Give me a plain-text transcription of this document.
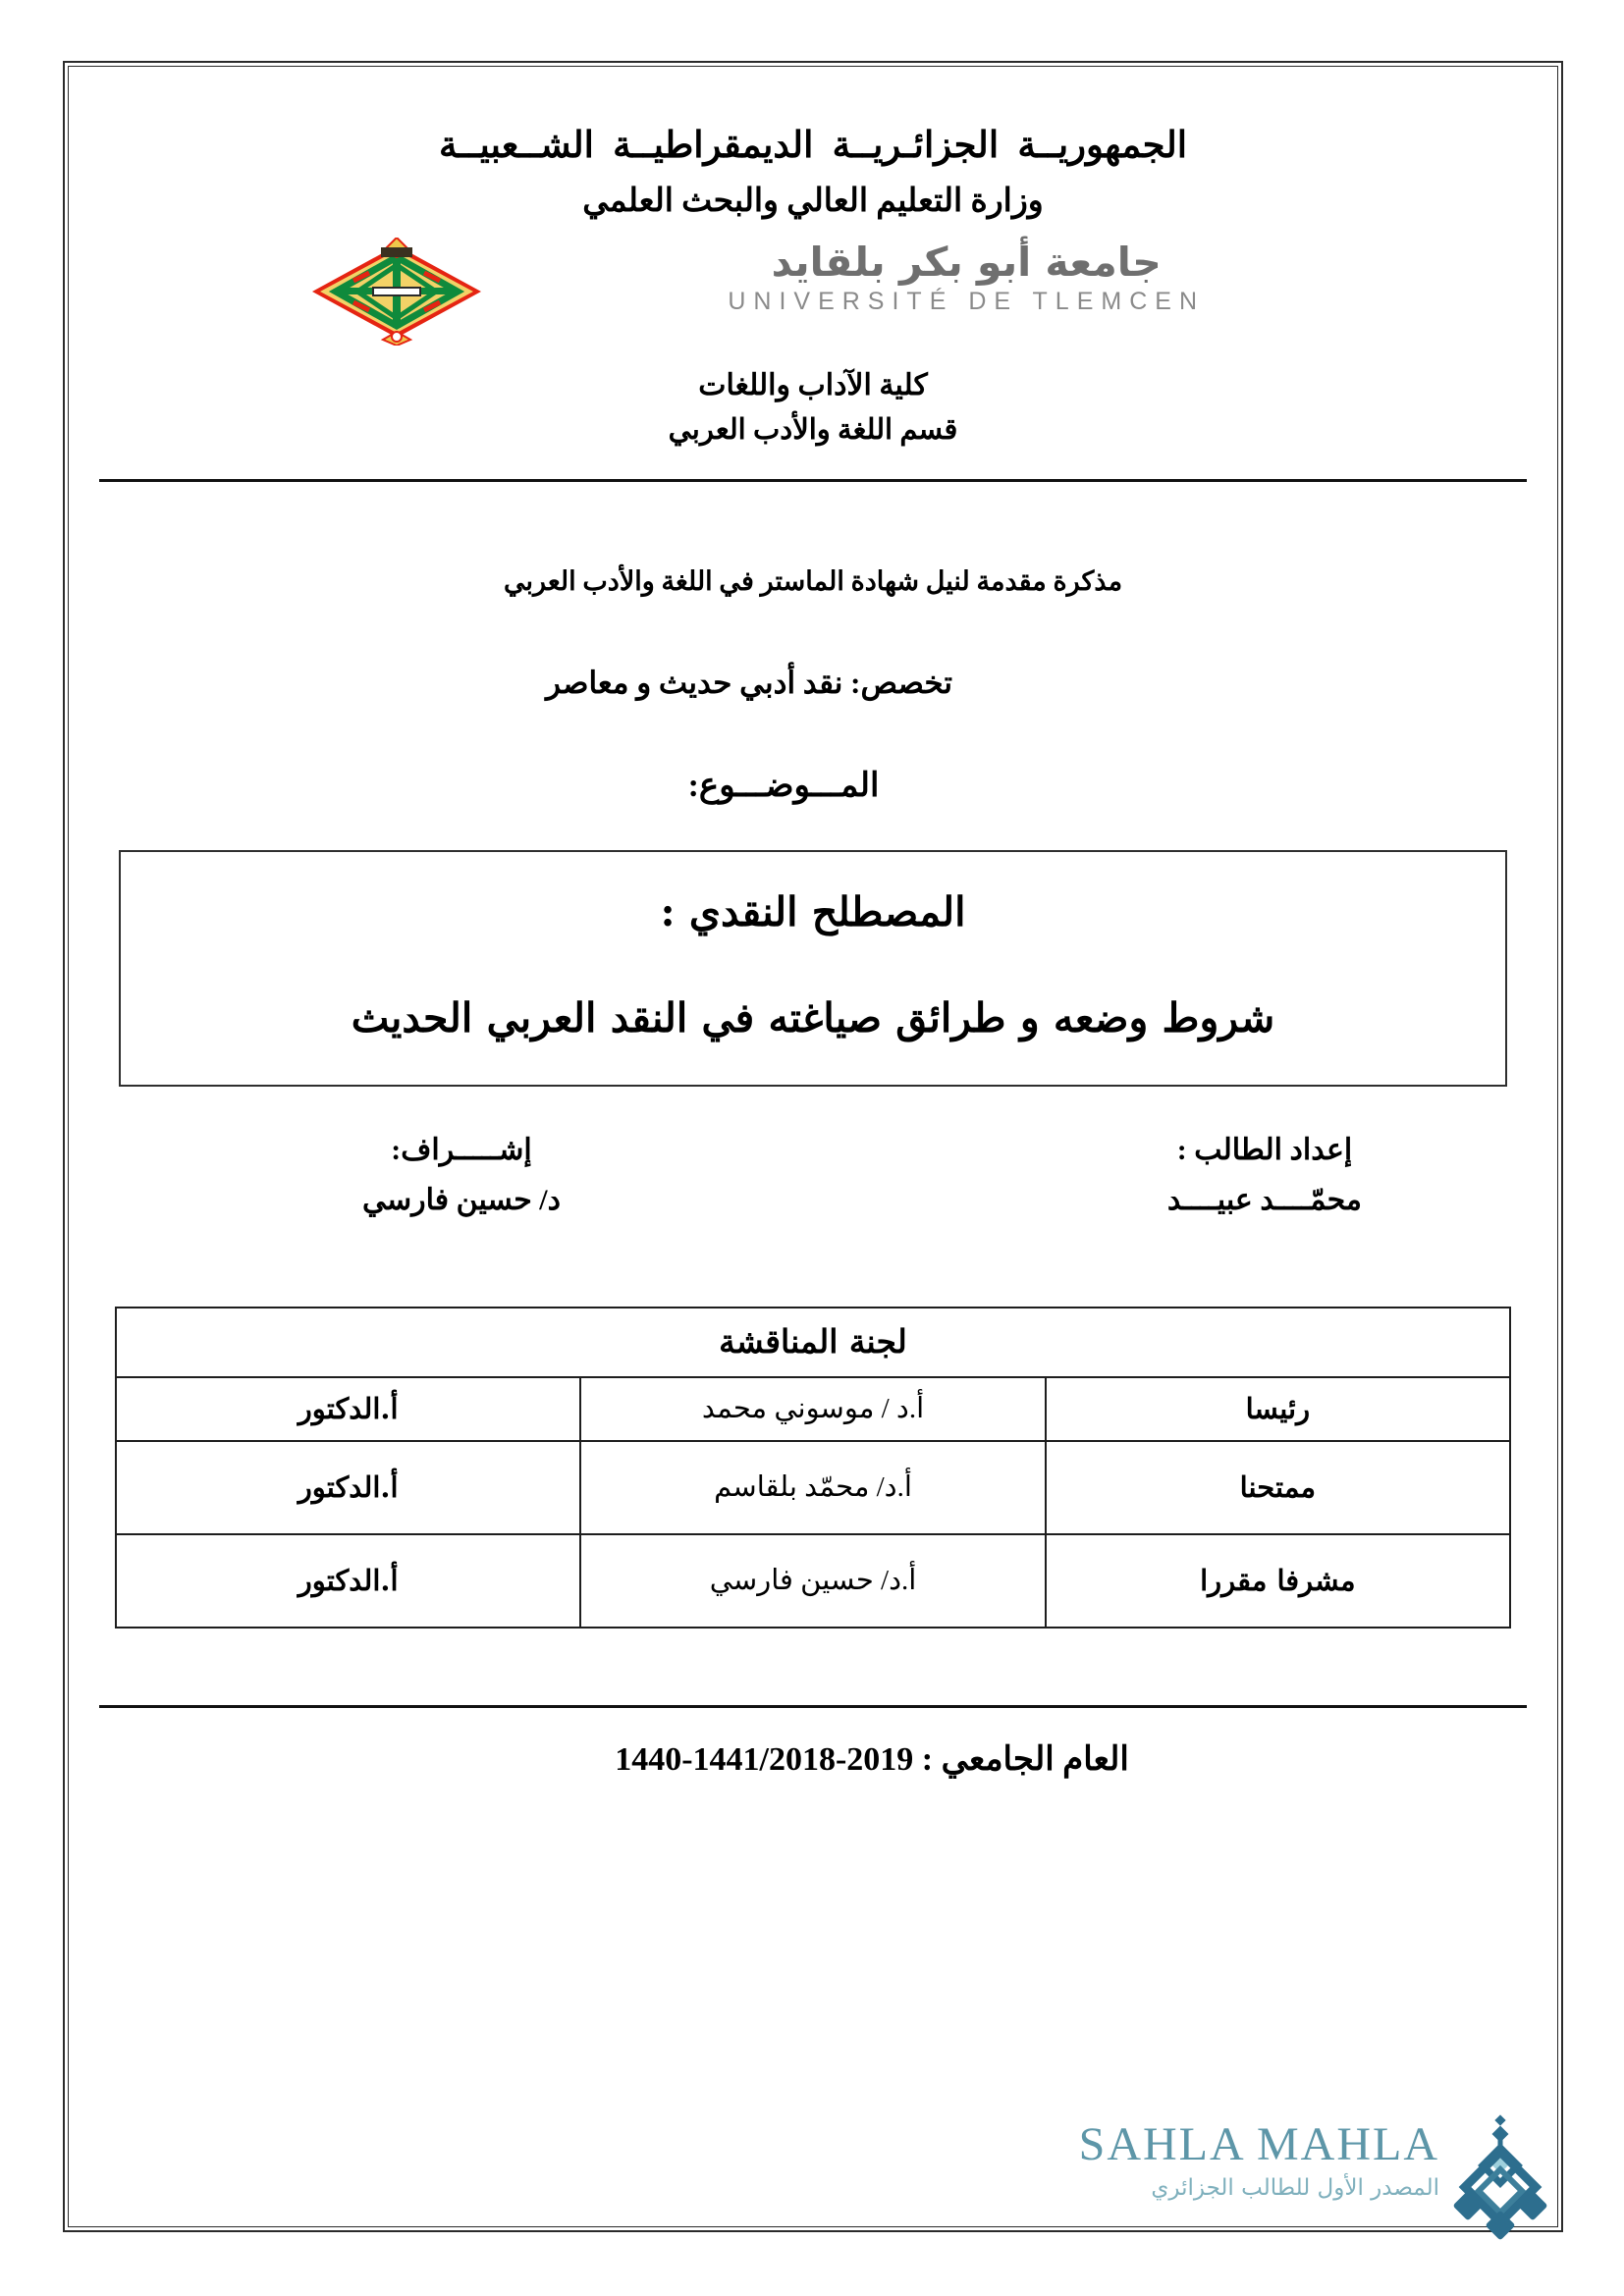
الجمهوريــة الجزائـريــة الديمقراطيــة الشــعبيــة
وزارة التعليم العالي والبحث العلمي
جامعة أبو بكر بلقايد
UNIVERSITÉ DE TLEMCEN
كلية الآداب واللغات
قسم اللغة والأدب العربي
مذكرة مقدمة لنيل شهادة الماستر في اللغة والأدب العربي
تخصص: نقد أدبي حديث و معاصر
المـــوضـــوع:
المصطلح النقدي :
شروط وضعه و طرائق صياغته في النقد العربي الحديث
إعداد الطالب :
محمّــــد عبيــــد
إشـــــراف:
د/ حسين فارسي
لجنة المناقشة		
رئيسا	أ.د / موسوني محمد	أ.الدكتور
ممتحنا	أ.د/ محمّد بلقاسم	أ.الدكتور
مشرفا مقررا	أ.د/ حسين فارسي	أ.الدكتور
العام الجامعي : 1440-1441/2018-2019
SAHLA MAHLA
المصدر الأول للطالب الجزائري
